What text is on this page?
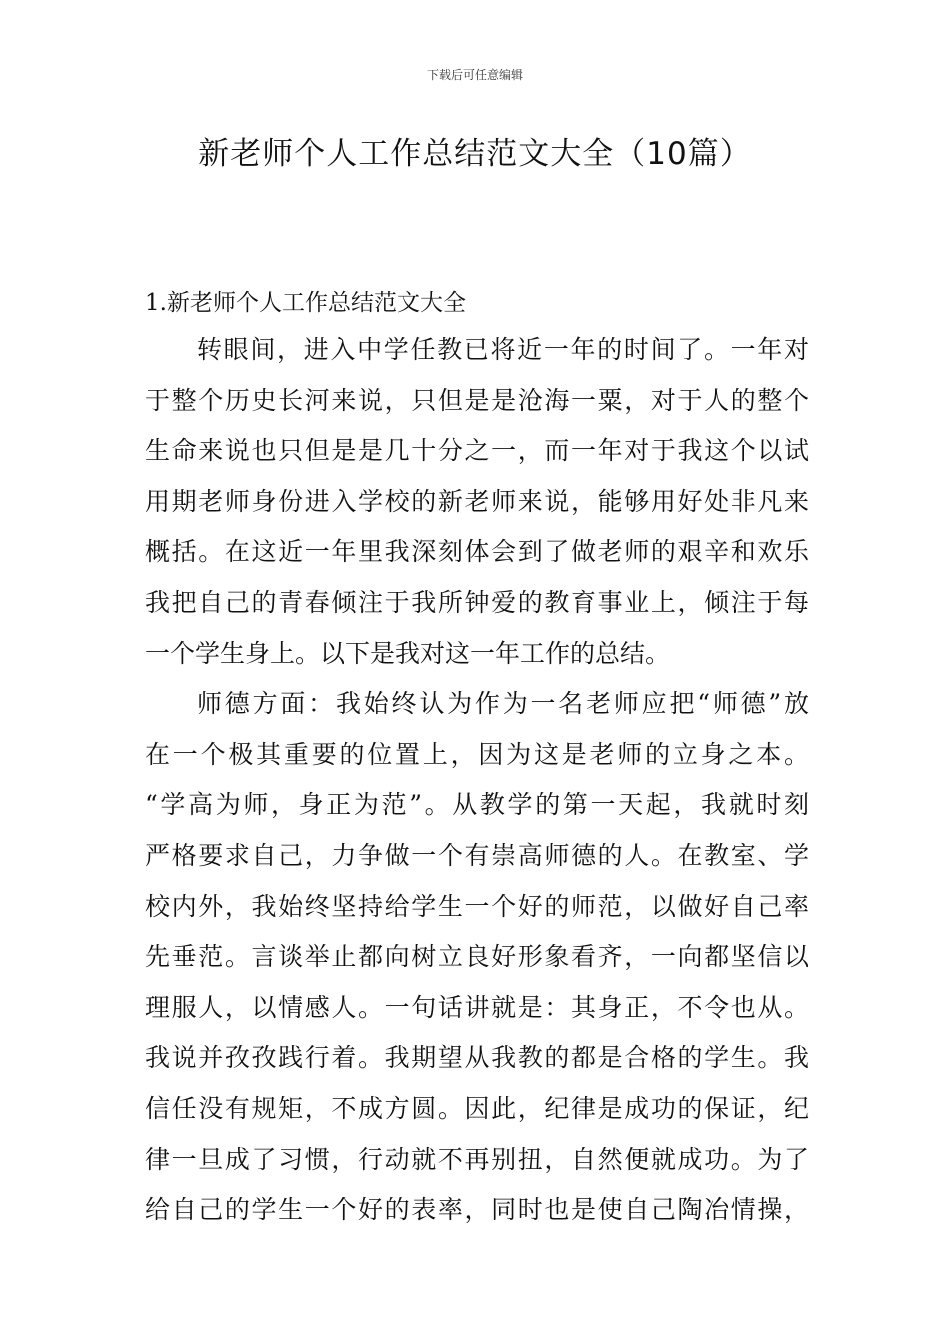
下载后可任意编辑
新老师个人工作总结范文大全（10篇）
1.新老师个人工作总结范文大全
转眼间，进入中学任教已将近一年的时间了。一年对
于整个历史长河来说，只但是是沧海一粟，对于人的整个
生命来说也只但是是几十分之一，而一年对于我这个以试
用期老师身份进入学校的新老师来说，能够用好处非凡来
概括。在这近一年里我深刻体会到了做老师的艰辛和欢乐
我把自己的青春倾注于我所钟爱的教育事业上，倾注于每
一个学生身上。以下是我对这一年工作的总结。
师德方面：我始终认为作为一名老师应把“师德”放
在一个极其重要的位置上，因为这是老师的立身之本。
“学高为师，身正为范”。从教学的第一天起，我就时刻
严格要求自己，力争做一个有崇高师德的人。在教室、学
校内外，我始终坚持给学生一个好的师范，以做好自己率
先垂范。言谈举止都向树立良好形象看齐，一向都坚信以
理服人，以情感人。一句话讲就是：其身正，不令也从。
我说并孜孜践行着。我期望从我教的都是合格的学生。我
信任没有规矩，不成方圆。因此，纪律是成功的保证，纪
律一旦成了习惯，行动就不再别扭，自然便就成功。为了
给自己的学生一个好的表率，同时也是使自己陶冶情操，
